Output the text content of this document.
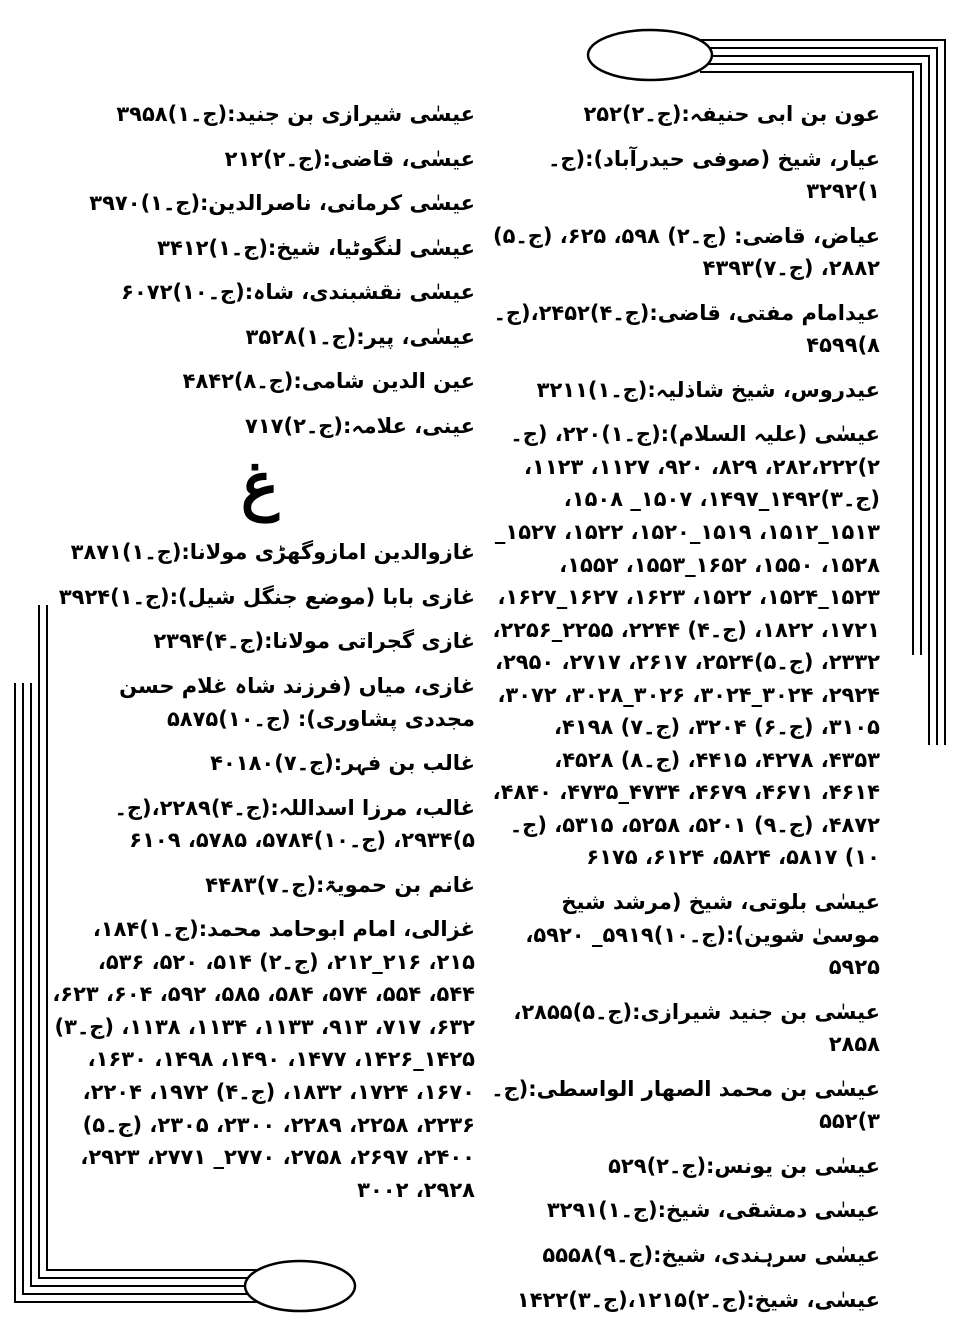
عون بن ابی حنیفہ:(ج۔۲)۲۵۲
عیار، شیخ (صوفی حیدرآباد):(ج۔۱)۳۲۹۲
عیاض، قاضی: (ج۔۲) ۵۹۸، ۶۲۵، (ج۔۵) ۲۸۸۲، (ج۔۷)۴۳۹۳
عیدامام مفتی، قاضی:(ج۔۴)۲۴۵۲،(ج۔۸)۴۵۹۹
عیدروس، شیخ شاذلیہ:(ج۔۱)۳۲۱۱
عیسٰی (علیہ السلام):(ج۔۱)۲۲۰، (ج۔۲)۲۸۲،۲۲۲، ۸۲۹، ۹۲۰، ۱۱۲۷، ۱۱۲۳، (ج۔۳)۱۴۹۲_۱۴۹۷، ۱۵۰۷_ ۱۵۰۸، ۱۵۱۳_۱۵۱۲، ۱۵۱۹_۱۵۲۰، ۱۵۲۲، ۱۵۲۷_ ۱۵۲۸، ۱۵۵۰، ۱۶۵۲_۱۵۵۳، ۱۵۵۲، ۱۵۲۳_۱۵۲۴، ۱۵۲۲، ۱۶۲۳، ۱۶۲۷_۱۶۲۷، ۱۷۲۱، ۱۸۲۲، (ج۔۴) ۲۲۴۴، ۲۲۵۵_۲۲۵۶، ۲۳۳۲، (ج۔۵)۲۵۲۴، ۲۶۱۷، ۲۷۱۷، ۲۹۵۰، ۲۹۲۴، ۳۰۲۴_۳۰۲۴، ۳۰۲۶_۳۰۲۸، ۳۰۷۲، ۳۱۰۵، (ج۔۶) ۳۲۰۴، (ج۔۷) ۴۱۹۸، ۴۳۵۳، ۴۲۷۸، ۴۴۱۵، (ج۔۸) ۴۵۲۸، ۴۶۱۴، ۴۶۷۱، ۴۶۷۹، ۴۷۳۴_۴۷۳۵، ۴۸۴۰، ۴۸۷۲، (ج۔۹) ۵۲۰۱، ۵۲۵۸، ۵۳۱۵، (ج۔۱۰) ۵۸۱۷، ۵۸۲۴، ۶۱۲۴، ۶۱۷۵
عیسٰی بلوتی، شیخ (مرشد شیخ موسیٰ شوین):(ج۔۱۰)۵۹۱۹_ ۵۹۲۰، ۵۹۲۵
عیسٰی بن جنید شیرازی:(ج۔۵)۲۸۵۵، ۲۸۵۸
عیسٰی بن محمد الصھار الواسطی:(ج۔۳)۵۵۲
عیسٰی بن یونس:(ج۔۲)۵۲۹
عیسٰی دمشقی، شیخ:(ج۔۱)۳۲۹۱
عیسٰی سرہندی، شیخ:(ج۔۹)۵۵۵۸
عیسٰی، شیخ:(ج۔۲)۱۲۱۵،(ج۔۳)۱۴۲۲
عیسٰی شیرازی بن جنید:(ج۔۱)۳۹۵۸
عیسٰی، قاضی:(ج۔۲)۲۱۲
عیسٰی کرمانی، ناصرالدین:(ج۔۱)۳۹۷۰
عیسٰی لنگوٹیا، شیخ:(ج۔۱)۳۴۱۲
عیسٰی نقشبندی، شاہ:(ج۔۱۰)۶۰۷۲
عیسٰی، پیر:(ج۔۱)۳۵۲۸
عین الدین شامی:(ج۔۸)۴۸۴۲
عینی، علامہ:(ج۔۲)۷۱۷
غ
غازوالدین امازوگھڑی مولانا:(ج۔۱)۳۸۷۱
غازی بابا (موضع جنگل شیل):(ج۔۱)۳۹۲۴
غازی گجراتی مولانا:(ج۔۴)۲۳۹۴
غازی، میاں (فرزند شاہ غلام حسن مجددی پشاوری): (ج۔۱۰)۵۸۷۵
غالب بن فہر:(ج۔۷)۴۰۱۸۰
غالب، مرزا اسداللہ:(ج۔۴)۲۲۸۹،(ج۔۵)۲۹۳۴، (ج۔۱۰)۵۷۸۴، ۵۷۸۵، ۶۱۰۹
غانم بن حمویۃ:(ج۔۷)۴۴۸۳
غزالی، امام ابوحامد محمد:(ج۔۱)۱۸۴، ۲۱۵، ۲۱۶_۲۱۲، (ج۔۲) ۵۱۴، ۵۲۰، ۵۳۶، ۵۴۴، ۵۵۴، ۵۷۴، ۵۸۴، ۵۸۵، ۵۹۲، ۶۰۴، ۶۲۳، ۶۳۲، ۷۱۷، ۹۱۳، ۱۱۳۳، ۱۱۳۴، ۱۱۳۸، (ج۔۳) ۱۴۲۵_۱۴۲۶، ۱۴۷۷، ۱۴۹۰، ۱۴۹۸، ۱۶۳۰، ۱۶۷۰، ۱۷۲۴، ۱۸۳۲، (ج۔۴) ۱۹۷۲، ۲۲۰۴، ۲۲۳۶، ۲۲۵۸، ۲۲۸۹، ۲۳۰۰، ۲۳۰۵، (ج۔۵) ۲۴۰۰، ۲۶۹۷، ۲۷۵۸، ۲۷۷۰_ ۲۷۷۱، ۲۹۲۳، ۲۹۲۸، ۳۰۰۲
